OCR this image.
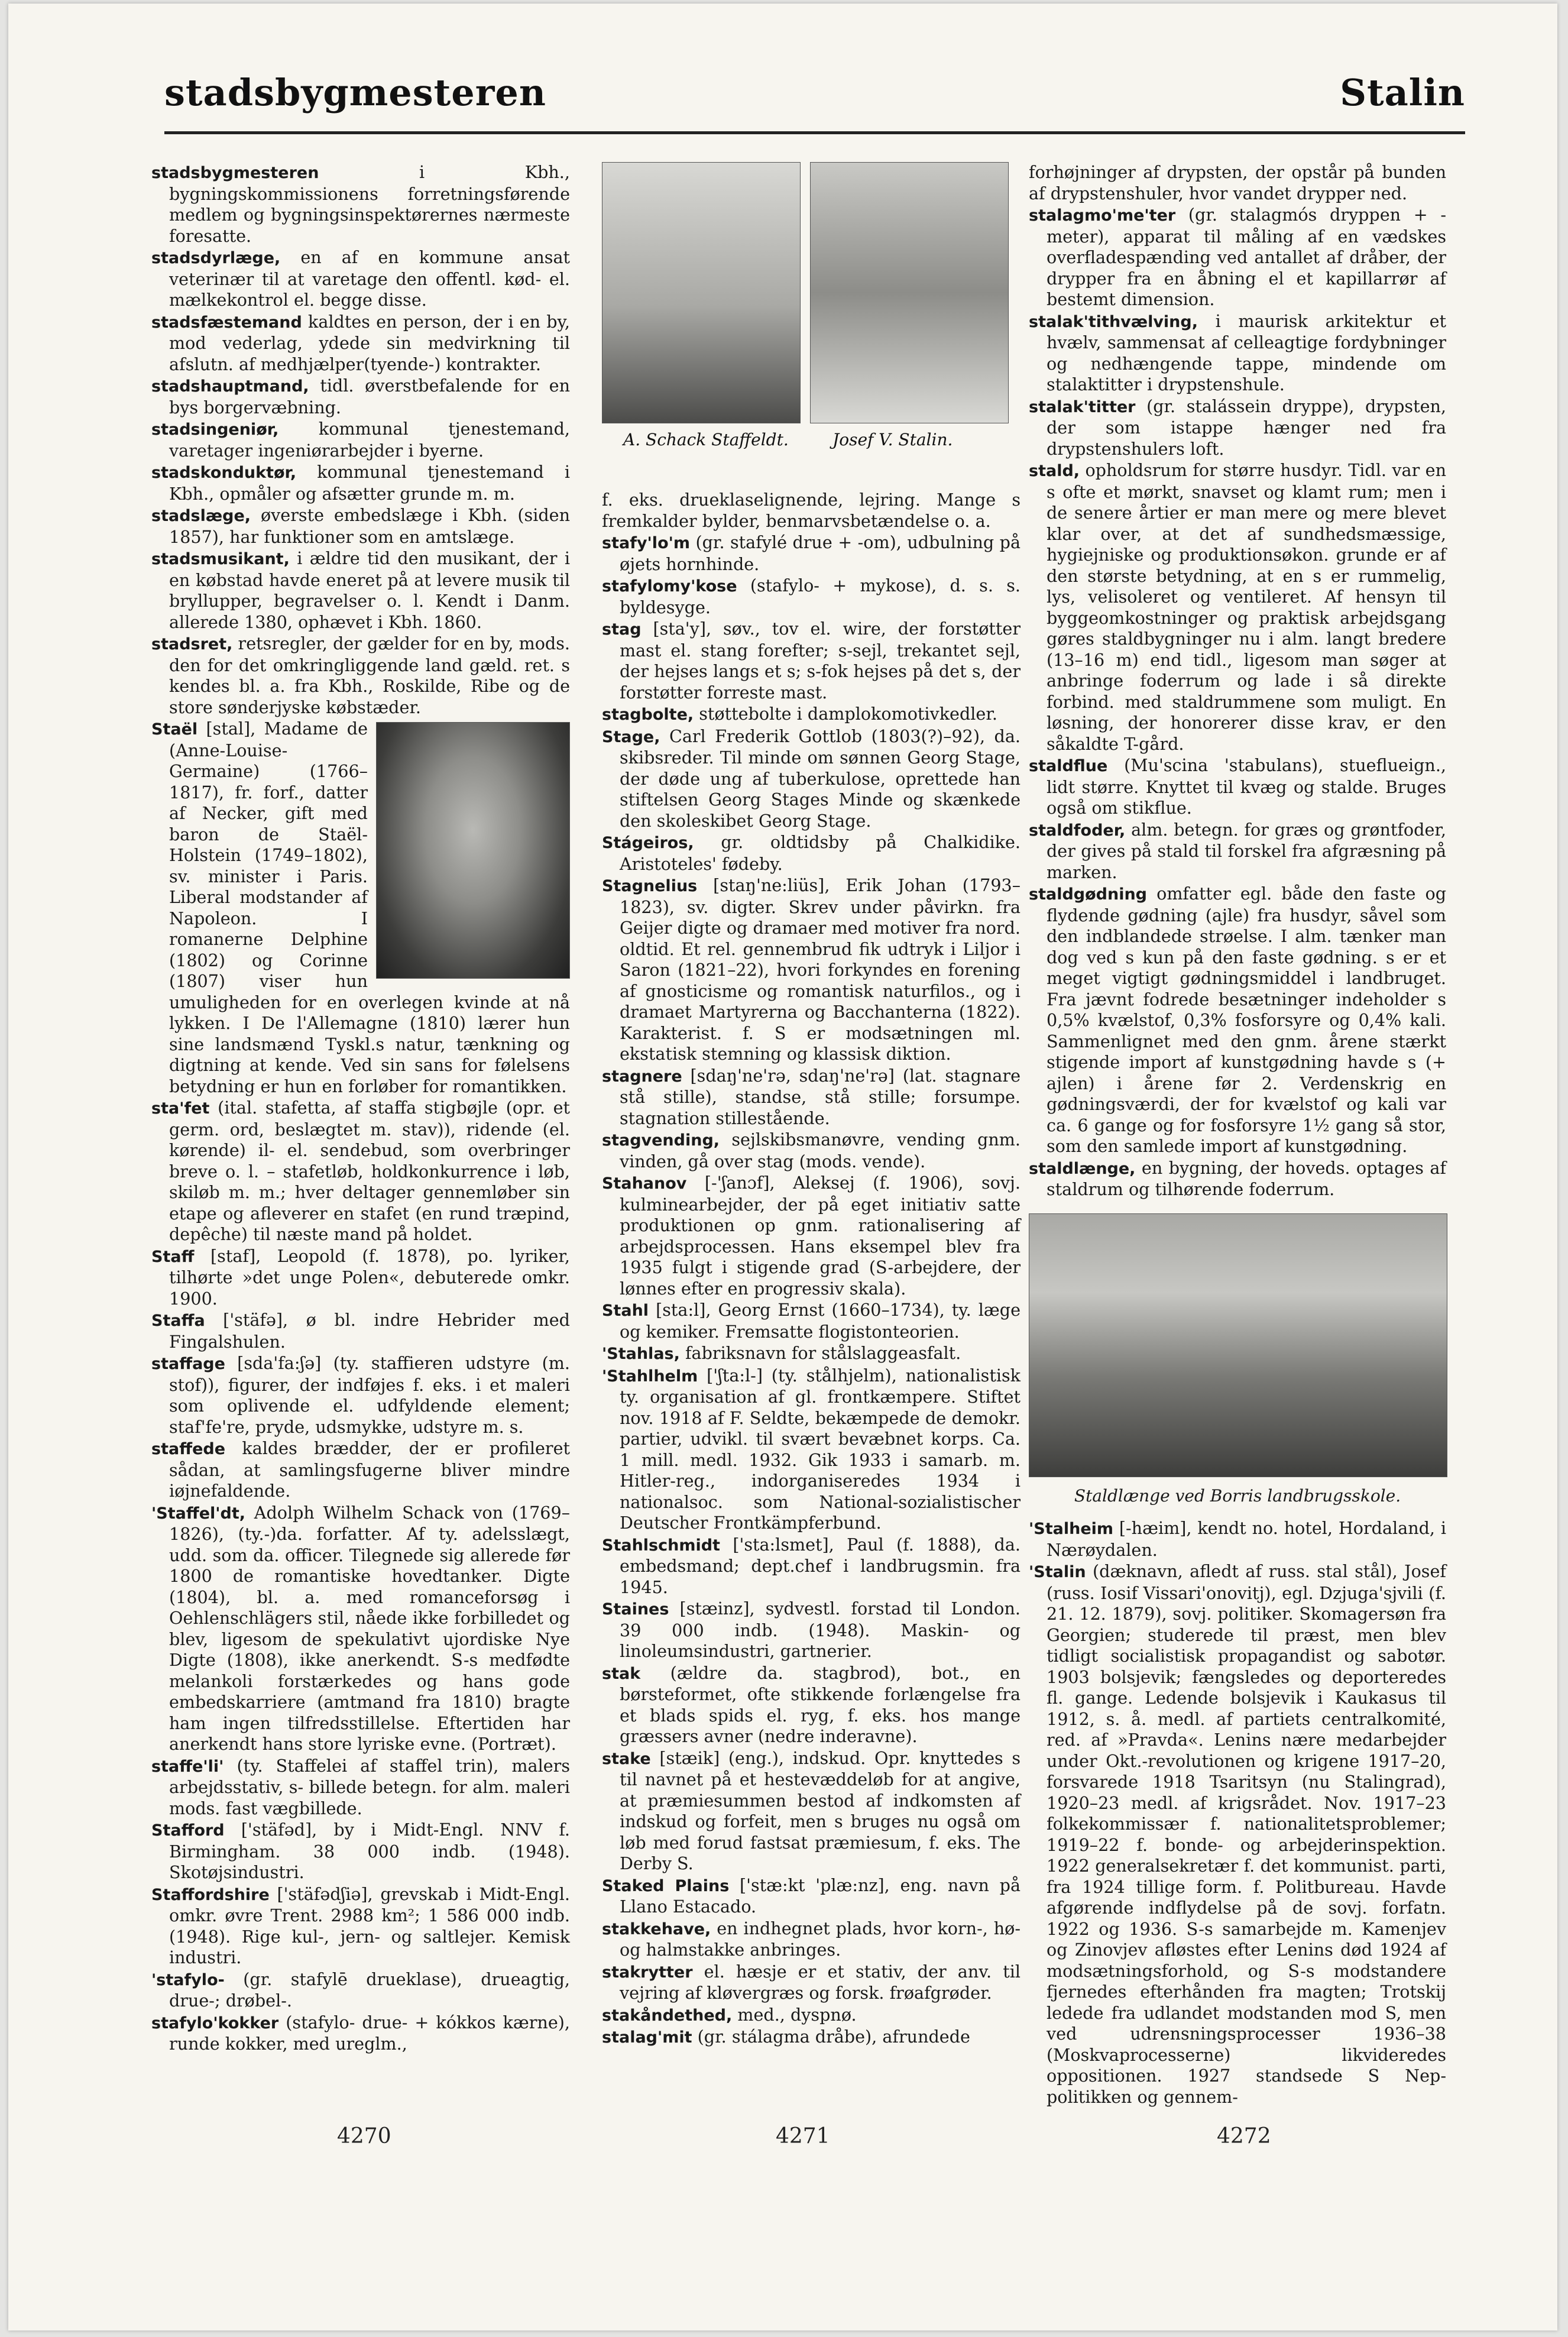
stadsbygmesteren	Stalin
stadsbygmesteren i Kbh., bygningskommissionens forretningsførende medlem og bygningsinspektørernes nærmeste foresatte.
stadsdyrlæge, en af en kommune ansat veterinær til at varetage den offentl. kød- el. mælkekontrol el. begge disse.
stadsfæstemand kaldtes en person, der i en by, mod vederlag, ydede sin medvirkning til afslutn. af medhjælper(tyende-) kontrakter.
stadshauptmand, tidl. øverstbefalende for en bys borgervæbning.
stadsingeniør, kommunal tjenestemand, varetager ingeniørarbejder i byerne.
stadskonduktør, kommunal tjenestemand i Kbh., opmåler og afsætter grunde m. m.
stadslæge, øverste embedslæge i Kbh. (siden 1857), har funktioner som en amtslæge.
stadsmusikant, i ældre tid den musikant, der i en købstad havde eneret på at levere musik til bryllupper, begravelser o. l. Kendt i Danm. allerede 1380, ophævet i Kbh. 1860.
stadsret, retsregler, der gælder for en by, mods. den for det omkringliggende land gæld. ret. s kendes bl. a. fra Kbh., Roskilde, Ribe og de store sønderjyske købstæder.
Staël [stal], Madame de (Anne-Louise-Germaine) (1766–1817), fr. forf., datter af Necker, gift med baron de Staël-Holstein (1749–1802), sv. minister i Paris. Liberal modstander af Napoleon. I romanerne Delphine (1802) og Corinne (1807) viser hun umuligheden for en overlegen kvinde at nå lykken. I De l'Allemagne (1810) lærer hun sine landsmænd Tyskl.s natur, tænkning og digtning at kende. Ved sin sans for følelsens betydning er hun en forløber for romantikken.
sta'fet (ital. stafetta, af staffa stigbøjle (opr. et germ. ord, beslægtet m. stav)), ridende (el. kørende) il- el. sendebud, som overbringer breve o. l. – stafetløb, holdkonkurrence i løb, skiløb m. m.; hver deltager gennemløber sin etape og afleverer en stafet (en rund træpind, depêche) til næste mand på holdet.
Staff [staf], Leopold (f. 1878), po. lyriker, tilhørte »det unge Polen«, debuterede omkr. 1900.
Staffa ['stäfə], ø bl. indre Hebrider med Fingalshulen.
staffage [sda'fa:ʃə] (ty. staffieren udstyre (m. stof)), figurer, der indføjes f. eks. i et maleri som oplivende el. udfyldende element; staf'fe're, pryde, udsmykke, udstyre m. s.
staffede kaldes brædder, der er profileret sådan, at samlingsfugerne bliver mindre iøjnefaldende.
'Staffel'dt, Adolph Wilhelm Schack von (1769–1826), (ty.-)da. forfatter. Af ty. adelsslægt, udd. som da. officer. Tilegnede sig allerede før 1800 de romantiske hovedtanker. Digte (1804), bl. a. med romanceforsøg i Oehlenschlägers stil, nåede ikke forbilledet og blev, ligesom de spekulativt ujordiske Nye Digte (1808), ikke anerkendt. S-s medfødte melankoli forstærkedes og hans gode embedskarriere (amtmand fra 1810) bragte ham ingen tilfredsstillelse. Eftertiden har anerkendt hans store lyriske evne. (Portræt).
staffe'li' (ty. Staffelei af staffel trin), malers arbejdsstativ, s- billede betegn. for alm. maleri mods. fast vægbillede.
Stafford ['stäfəd], by i Midt-Engl. NNV f. Birmingham. 38 000 indb. (1948). Skotøjsindustri.
Staffordshire ['stäfədʃiə], grevskab i Midt-Engl. omkr. øvre Trent. 2988 km²; 1 586 000 indb. (1948). Rige kul-, jern- og saltlejer. Kemisk industri.
'stafylo- (gr. stafylē drueklase), drueagtig, drue-; drøbel-.
stafylo'kokker (stafylo- drue- + kókkos kærne), runde kokker, med ureglm.,
A. Schack Staffeldt.	Josef V. Stalin.
f. eks. drueklaselignende, lejring. Mange s fremkalder bylder, benmarvsbetændelse o. a.
stafy'lo'm (gr. stafylé drue + -om), udbulning på øjets hornhinde.
stafylomy'kose (stafylo- + mykose), d. s. s. byldesyge.
stag [sta'y], søv., tov el. wire, der forstøtter mast el. stang forefter; s-sejl, trekantet sejl, der hejses langs et s; s-fok hejses på det s, der forstøtter forreste mast.
stagbolte, støttebolte i damplokomotivkedler.
Stage, Carl Frederik Gottlob (1803(?)–92), da. skibsreder. Til minde om sønnen Georg Stage, der døde ung af tuberkulose, oprettede han stiftelsen Georg Stages Minde og skænkede den skoleskibet Georg Stage.
Stágeiros, gr. oldtidsby på Chalkidike. Aristoteles' fødeby.
Stagnelius [staŋ'ne:liüs], Erik Johan (1793–1823), sv. digter. Skrev under påvirkn. fra Geijer digte og dramaer med motiver fra nord. oldtid. Et rel. gennembrud fik udtryk i Liljor i Saron (1821–22), hvori forkyndes en forening af gnosticisme og romantisk naturfilos., og i dramaet Martyrerna og Bacchanterna (1822). Karakterist. f. S er modsætningen ml. ekstatisk stemning og klassisk diktion.
stagnere [sdaŋ'ne'rə, sdaŋ'ne'rə] (lat. stagnare stå stille), standse, stå stille; forsumpe. stagnation stillestående.
stagvending, sejlskibsmanøvre, vending gnm. vinden, gå over stag (mods. vende).
Stahanov [-'ʃanɔf], Aleksej (f. 1906), sovj. kulminearbejder, der på eget initiativ satte produktionen op gnm. rationalisering af arbejdsprocessen. Hans eksempel blev fra 1935 fulgt i stigende grad (S-arbejdere, der lønnes efter en progressiv skala).
Stahl [sta:l], Georg Ernst (1660–1734), ty. læge og kemiker. Fremsatte flogistonteorien.
'Stahlas, fabriksnavn for stålslaggeasfalt.
'Stahlhelm ['ʃta:l-] (ty. stålhjelm), nationalistisk ty. organisation af gl. frontkæmpere. Stiftet nov. 1918 af F. Seldte, bekæmpede de demokr. partier, udvikl. til svært bevæbnet korps. Ca. 1 mill. medl. 1932. Gik 1933 i samarb. m. Hitler-reg., indorganiseredes 1934 i nationalsoc. som National-sozialistischer Deutscher Frontkämpferbund.
Stahlschmidt ['sta:lsmet], Paul (f. 1888), da. embedsmand; dept.chef i landbrugsmin. fra 1945.
Staines [stæinz], sydvestl. forstad til London. 39 000 indb. (1948). Maskin- og linoleumsindustri, gartnerier.
stak (ældre da. stagbrod), bot., en børsteformet, ofte stikkende forlængelse fra et blads spids el. ryg, f. eks. hos mange græssers avner (nedre inderavne).
stake [stæik] (eng.), indskud. Opr. knyttedes s til navnet på et hestevæddeløb for at angive, at præmiesummen bestod af indkomsten af indskud og forfeit, men s bruges nu også om løb med forud fastsat præmiesum, f. eks. The Derby S.
Staked Plains ['stæ:kt 'plæ:nz], eng. navn på Llano Estacado.
stakkehave, en indhegnet plads, hvor korn-, hø- og halmstakke anbringes.
stakrytter el. hæsje er et stativ, der anv. til vejring af kløvergræs og forsk. frøafgrøder.
stakåndethed, med., dyspnø.
stalag'mit (gr. stálagma dråbe), afrundede
forhøjninger af drypsten, der opstår på bunden af drypstenshuler, hvor vandet drypper ned.
stalagmo'me'ter (gr. stalagmós dryppen + -meter), apparat til måling af en vædskes overfladespænding ved antallet af dråber, der drypper fra en åbning el et kapillarrør af bestemt dimension.
stalak'tithvælving, i maurisk arkitektur et hvælv, sammensat af celleagtige fordybninger og nedhængende tappe, mindende om stalaktitter i drypstenshule.
stalak'titter (gr. stalássein dryppe), drypsten, der som istappe hænger ned fra drypstenshulers loft.
stald, opholdsrum for større husdyr. Tidl. var en s ofte et mørkt, snavset og klamt rum; men i de senere årtier er man mere og mere blevet klar over, at det af sundhedsmæssige, hygiejniske og produktionsøkon. grunde er af den største betydning, at en s er rummelig, lys, velisoleret og ventileret. Af hensyn til byggeomkostninger og praktisk arbejdsgang gøres staldbygninger nu i alm. langt bredere (13–16 m) end tidl., ligesom man søger at anbringe foderrum og lade i så direkte forbind. med staldrummene som muligt. En løsning, der honorerer disse krav, er den såkaldte T-gård.
staldflue (Mu'scina 'stabulans), stueflueign., lidt større. Knyttet til kvæg og stalde. Bruges også om stikflue.
staldfoder, alm. betegn. for græs og grøntfoder, der gives på stald til forskel fra afgræsning på marken.
staldgødning omfatter egl. både den faste og flydende gødning (ajle) fra husdyr, såvel som den indblandede strøelse. I alm. tænker man dog ved s kun på den faste gødning. s er et meget vigtigt gødningsmiddel i landbruget. Fra jævnt fodrede besætninger indeholder s 0,5% kvælstof, 0,3% fosforsyre og 0,4% kali. Sammenlignet med den gnm. årene stærkt stigende import af kunstgødning havde s (+ ajlen) i årene før 2. Verdenskrig en gødningsværdi, der for kvælstof og kali var ca. 6 gange og for fosforsyre 1½ gang så stor, som den samlede import af kunstgødning.
staldlænge, en bygning, der hoveds. optages af staldrum og tilhørende foderrum.
Staldlænge ved Borris landbrugsskole.
'Stalheim [-hæim], kendt no. hotel, Hordaland, i Nærøydalen.
'Stalin (dæknavn, afledt af russ. stal stål), Josef (russ. Iosif Vissari'onovitj), egl. Dzjuga'sjvili (f. 21. 12. 1879), sovj. politiker. Skomagersøn fra Georgien; studerede til præst, men blev tidligt socialistisk propagandist og sabotør. 1903 bolsjevik; fængsledes og deporteredes fl. gange. Ledende bolsjevik i Kaukasus til 1912, s. å. medl. af partiets centralkomité, red. af »Pravda«. Lenins nære medarbejder under Okt.-revolutionen og krigene 1917–20, forsvarede 1918 Tsaritsyn (nu Stalingrad), 1920–23 medl. af krigsrådet. Nov. 1917–23 folkekommissær f. nationalitetsproblemer; 1919–22 f. bonde- og arbejderinspektion. 1922 generalsekretær f. det kommunist. parti, fra 1924 tillige form. f. Politbureau. Havde afgørende indflydelse på de sovj. forfatn. 1922 og 1936. S-s samarbejde m. Kamenjev og Zinovjev afløstes efter Lenins død 1924 af modsætningsforhold, og S-s modstandere fjernedes efterhånden fra magten; Trotskij ledede fra udlandet modstanden mod S, men ved udrensningsprocesser 1936–38 (Moskvaprocesserne) likvideredes oppositionen. 1927 standsede S Nep-politikken og gennem-
4270	4271	4272
